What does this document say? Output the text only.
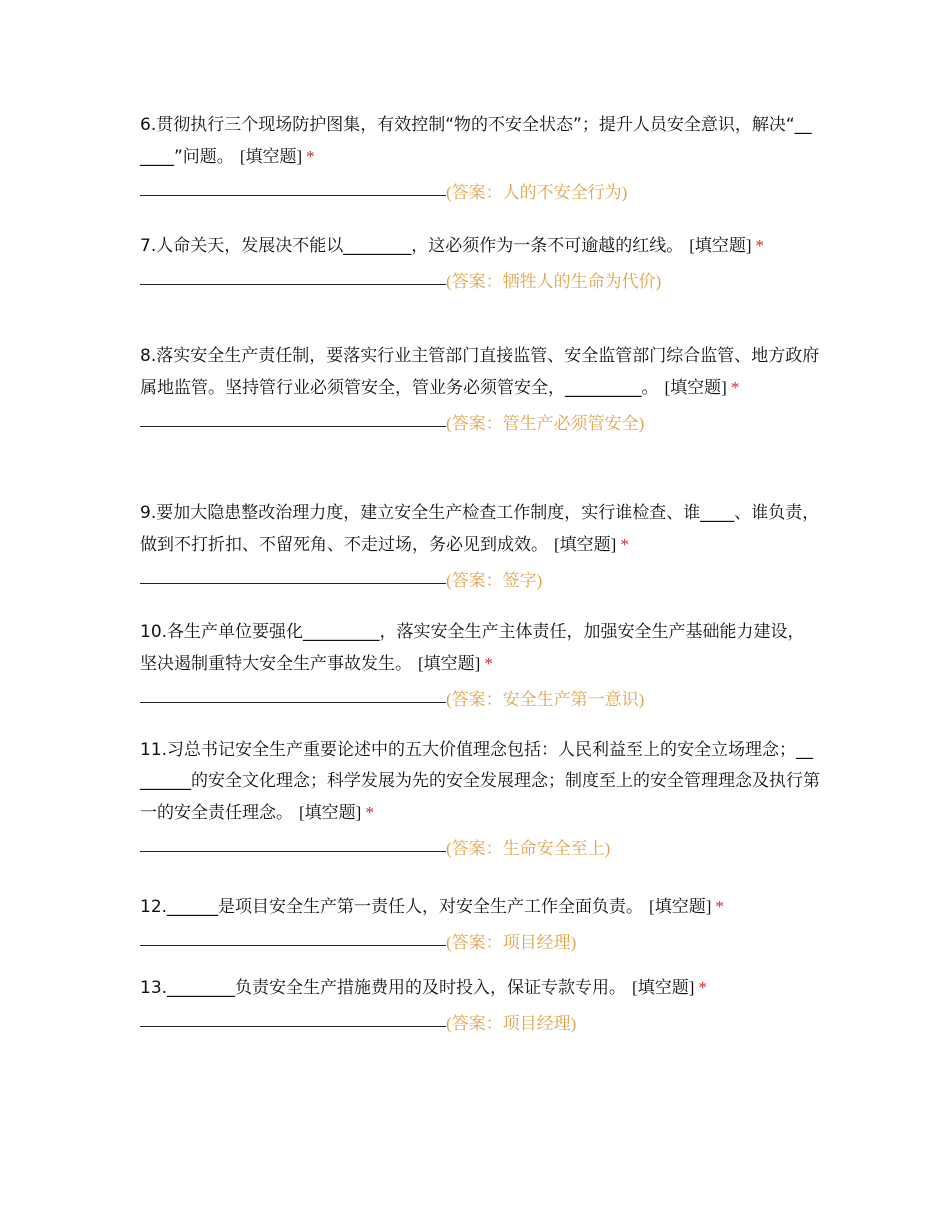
6.贯彻执行三个现场防护图集，有效控制“物的不安全状态”；提升人员安全意识，解决“______”问题。 [填空题] *

(答案：人的不安全行为)

7.人命关天，发展决不能以________，这必须作为一条不可逾越的红线。 [填空题] *

(答案：牺牲人的生命为代价)

8.落实安全生产责任制，要落实行业主管部门直接监管、安全监管部门综合监管、地方政府属地监管。坚持管行业必须管安全，管业务必须管安全，_________。 [填空题] *

(答案：管生产必须管安全)

9.要加大隐患整改治理力度，建立安全生产检查工作制度，实行谁检查、谁____、谁负责，做到不打折扣、不留死角、不走过场，务必见到成效。 [填空题] *

(答案：签字)

10.各生产单位要强化_________，落实安全生产主体责任，加强安全生产基础能力建设，坚决遏制重特大安全生产事故发生。 [填空题] *

(答案：安全生产第一意识)

11.习总书记安全生产重要论述中的五大价值理念包括：人民利益至上的安全立场理念；________的安全文化理念；科学发展为先的安全发展理念；制度至上的安全管理理念及执行第一的安全责任理念。 [填空题] *

(答案：生命安全至上)

12.______是项目安全生产第一责任人，对安全生产工作全面负责。 [填空题] *

(答案：项目经理)

13.________负责安全生产措施费用的及时投入，保证专款专用。 [填空题] *

(答案：项目经理)
